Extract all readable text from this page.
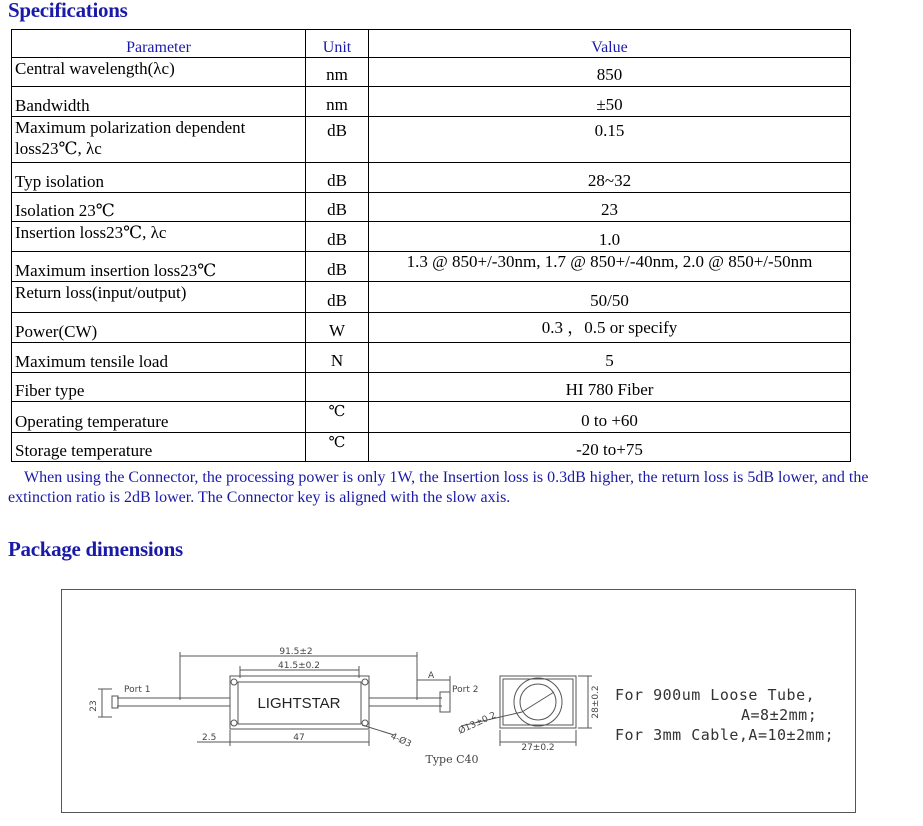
Specifications
Parameter	Unit	Value
Central wavelength(λc)	nm	850
Bandwidth	nm	±50
Maximum polarization dependent loss23℃, λc	dB	0.15
Typ isolation	dB	28~32
Isolation 23℃	dB	23
Insertion loss23℃, λc	dB	1.0
Maximum insertion loss23℃	dB	1.3 @ 850+/-30nm, 1.7 @ 850+/-40nm, 2.0 @ 850+/-50nm
Return loss(input/output)	dB	50/50
Power(CW)	W	0.3 ，0.5 or specify
Maximum tensile load	N	5
Fiber type		HI 780 Fiber
Operating temperature	℃	0 to +60
Storage temperature	℃	-20 to+75

When using the Connector, the processing power is only 1W, the Insertion loss is 0.3dB higher, the return loss is 5dB lower, and the extinction ratio is 2dB lower. The Connector key is aligned with the slow axis.

Package dimensions
91.5±2
41.5±0.2
Port 1	Port 2
LIGHTSTAR
23
2.5	47	4-Ø3
A
Ø13±0.2
27±0.2
28±0.2
Type C40
For 900um Loose Tube,
A=8±2mm;
For 3mm Cable,A=10±2mm;
